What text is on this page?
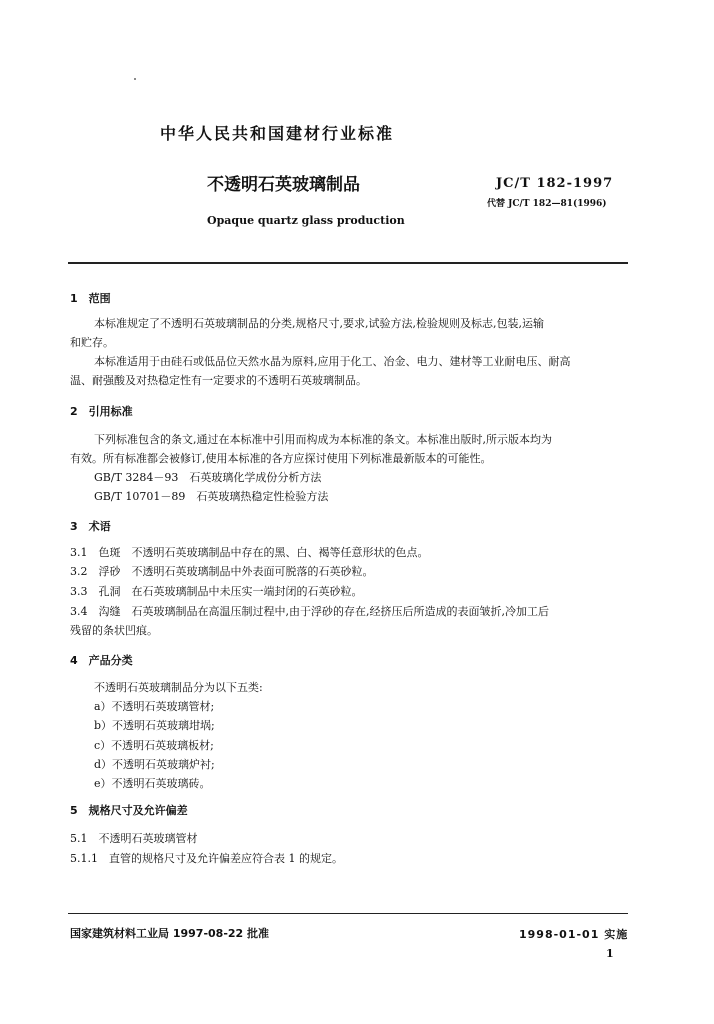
中华人民共和国建材行业标准
不透明石英玻璃制品	JC/T 182-1997
代替 JC/T 182—81(1996)
Opaque quartz glass production
1　范围
本标准规定了不透明石英玻璃制品的分类,规格尺寸,要求,试验方法,检验规则及标志,包装,运输
和贮存。
本标准适用于由硅石或低品位天然水晶为原料,应用于化工、冶金、电力、建材等工业耐电压、耐高
温、耐强酸及对热稳定性有一定要求的不透明石英玻璃制品。
2　引用标准
下列标准包含的条文,通过在本标准中引用而构成为本标准的条文。本标准出版时,所示版本均为
有效。所有标准都会被修订,使用本标准的各方应探讨使用下列标准最新版本的可能性。
GB/T 3284－93　石英玻璃化学成份分析方法
GB/T 10701－89　石英玻璃热稳定性检验方法
3　术语
3.1　色斑　不透明石英玻璃制品中存在的黑、白、褐等任意形状的色点。
3.2　浮砂　不透明石英玻璃制品中外表面可脱落的石英砂粒。
3.3　孔洞　在石英玻璃制品中未压实一端封闭的石英砂粒。
3.4　沟缝　石英玻璃制品在高温压制过程中,由于浮砂的存在,经挤压后所造成的表面皱折,冷加工后
残留的条状凹痕。
4　产品分类
不透明石英玻璃制品分为以下五类:
a）不透明石英玻璃管材;
b）不透明石英玻璃坩埚;
c）不透明石英玻璃板材;
d）不透明石英玻璃炉衬;
e）不透明石英玻璃砖。
5　规格尺寸及允许偏差
5.1　不透明石英玻璃管材
5.1.1　直管的规格尺寸及允许偏差应符合表 1 的规定。
国家建筑材料工业局 1997-08-22 批准	1998-01-01 实施
1
